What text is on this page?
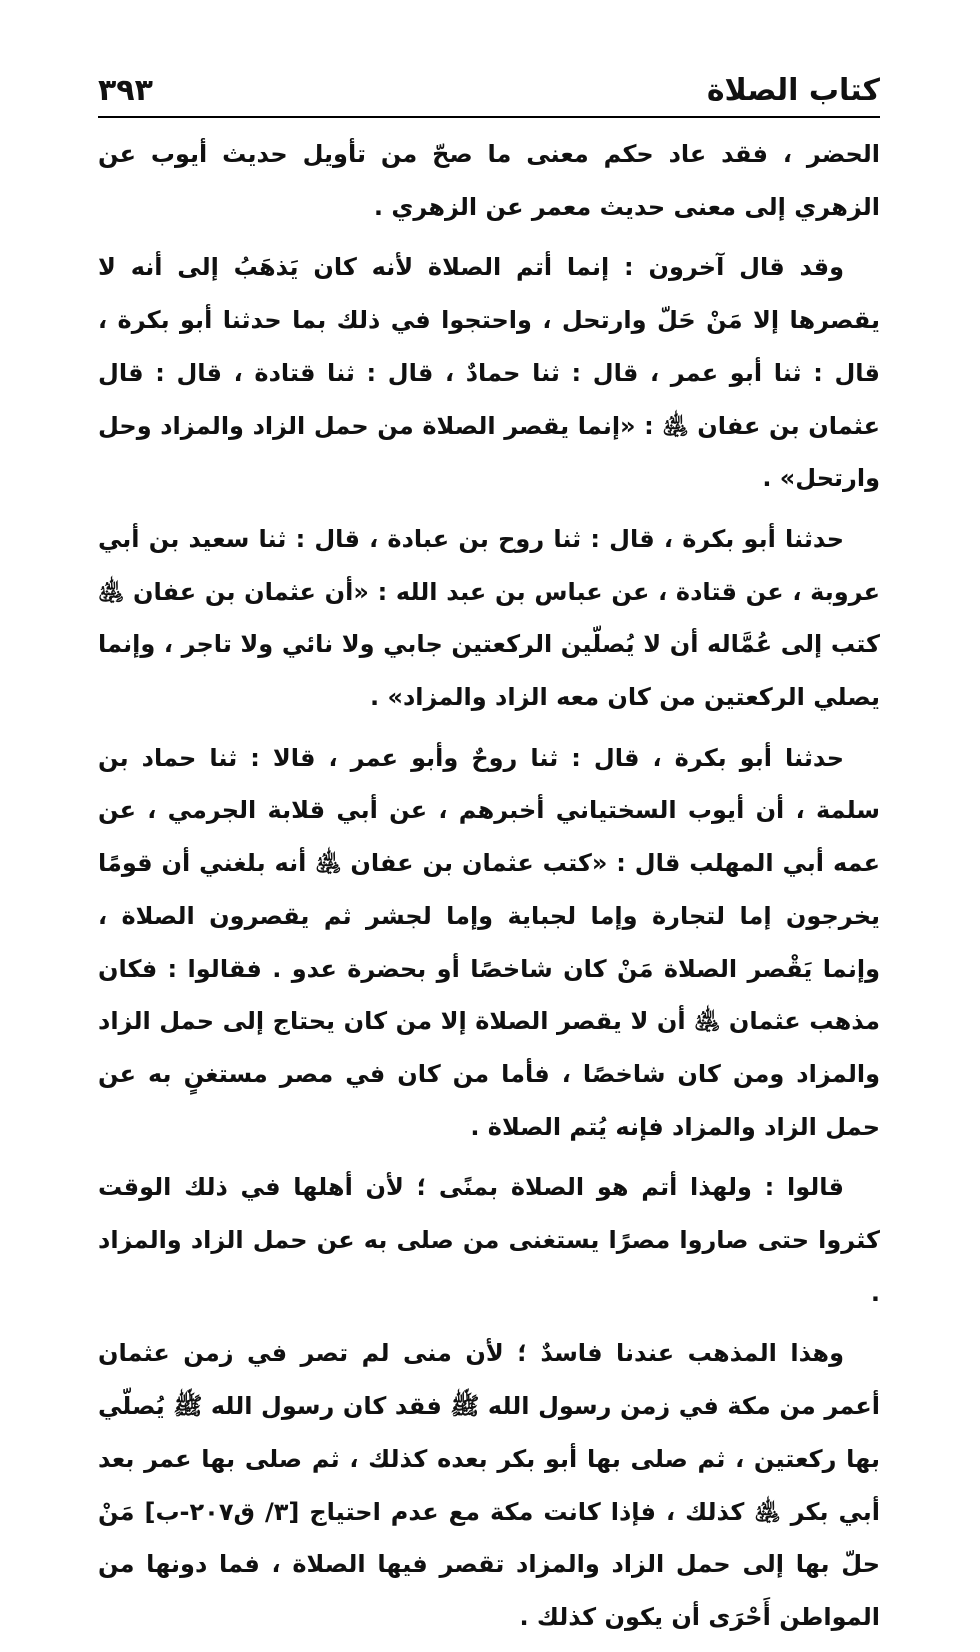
كتاب الصلاة
٣٩٣

الحضر ، فقد عاد حكم معنى ما صحّ من تأويل حديث أيوب عن الزهري إلى معنى حديث معمر عن الزهري .

وقد قال آخرون : إنما أتم الصلاة لأنه كان يَذهَبُ إلى أنه لا يقصرها إلا مَنْ حَلّ وارتحل ، واحتجوا في ذلك بما حدثنا أبو بكرة ، قال : ثنا أبو عمر ، قال : ثنا حمادٌ ، قال : ثنا قتادة ، قال : قال عثمان بن عفان ﵁ : «إنما يقصر الصلاة من حمل الزاد والمزاد وحل وارتحل» .

حدثنا أبو بكرة ، قال : ثنا روح بن عبادة ، قال : ثنا سعيد بن أبي عروبة ، عن قتادة ، عن عباس بن عبد الله : «أن عثمان بن عفان ﵁ كتب إلى عُمَّاله أن لا يُصلّين الركعتين جابي ولا نائي ولا تاجر ، وإنما يصلي الركعتين من كان معه الزاد والمزاد» .

حدثنا أبو بكرة ، قال : ثنا روحٌ وأبو عمر ، قالا : ثنا حماد بن سلمة ، أن أيوب السختياني أخبرهم ، عن أبي قلابة الجرمي ، عن عمه أبي المهلب قال : «كتب عثمان بن عفان ﵁ أنه بلغني أن قومًا يخرجون إما لتجارة وإما لجباية وإما لجشر ثم يقصرون الصلاة ، وإنما يَقْصر الصلاة مَنْ كان شاخصًا أو بحضرة عدو . فقالوا : فكان مذهب عثمان ﵁ أن لا يقصر الصلاة إلا من كان يحتاج إلى حمل الزاد والمزاد ومن كان شاخصًا ، فأما من كان في مصر مستغنٍ به عن حمل الزاد والمزاد فإنه يُتم الصلاة .

قالوا : ولهذا أتم هو الصلاة بمنًى ؛ لأن أهلها في ذلك الوقت كثروا حتى صاروا مصرًا يستغنى من صلى به عن حمل الزاد والمزاد .

وهذا المذهب عندنا فاسدٌ ؛ لأن منى لم تصر في زمن عثمان أعمر من مكة في زمن رسول الله ﷺ فقد كان رسول الله ﷺ يُصلّي بها ركعتين ، ثم صلى بها أبو بكر بعده كذلك ، ثم صلى بها عمر بعد أبي بكر ﵁ كذلك ، فإذا كانت مكة مع عدم احتياج [٣/ ق٢٠٧-ب] مَنْ حلّ بها إلى حمل الزاد والمزاد تقصر فيها الصلاة ، فما دونها من المواطن أَحْرَى أن يكون كذلك .
